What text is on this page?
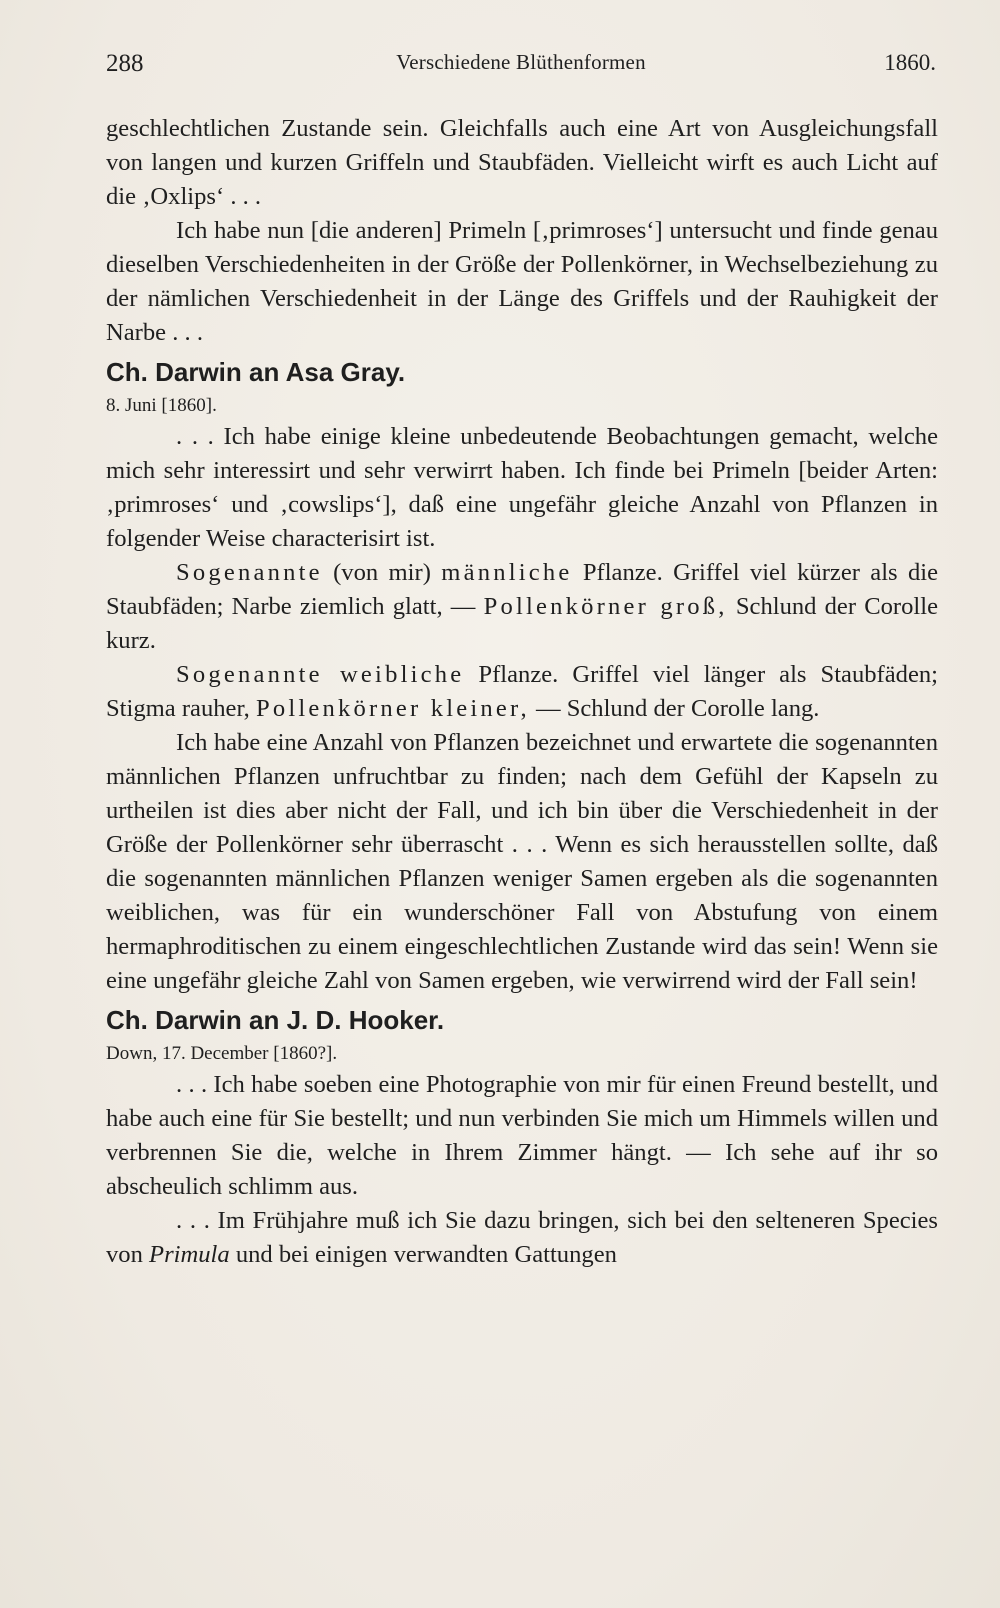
288	Verschiedene Blüthenformen	1860.

geschlechtlichen Zustande sein. Gleichfalls auch eine Art von Ausgleichungsfall von langen und kurzen Griffeln und Staubfäden. Vielleicht wirft es auch Licht auf die ‚Oxlips‘ . . .

Ich habe nun [die anderen] Primeln [‚primroses‘] untersucht und finde genau dieselben Verschiedenheiten in der Größe der Pollenkörner, in Wechselbeziehung zu der nämlichen Verschiedenheit in der Länge des Griffels und der Rauhigkeit der Narbe . . .

Ch. Darwin an Asa Gray.

8. Juni [1860].

. . . Ich habe einige kleine unbedeutende Beobachtungen gemacht, welche mich sehr interessirt und sehr verwirrt haben. Ich finde bei Primeln [beider Arten: ‚primroses‘ und ‚cowslips‘], daß eine ungefähr gleiche Anzahl von Pflanzen in folgender Weise characterisirt ist.

Sogenannte (von mir) männliche Pflanze. Griffel viel kürzer als die Staubfäden; Narbe ziemlich glatt, — Pollenkörner groß, Schlund der Corolle kurz.

Sogenannte weibliche Pflanze. Griffel viel länger als Staubfäden; Stigma rauher, Pollenkörner kleiner, — Schlund der Corolle lang.

Ich habe eine Anzahl von Pflanzen bezeichnet und erwartete die sogenannten männlichen Pflanzen unfruchtbar zu finden; nach dem Gefühl der Kapseln zu urtheilen ist dies aber nicht der Fall, und ich bin über die Verschiedenheit in der Größe der Pollenkörner sehr überrascht . . . Wenn es sich herausstellen sollte, daß die sogenannten männlichen Pflanzen weniger Samen ergeben als die sogenannten weiblichen, was für ein wunderschöner Fall von Abstufung von einem hermaphroditischen zu einem eingeschlechtlichen Zustande wird das sein! Wenn sie eine ungefähr gleiche Zahl von Samen ergeben, wie verwirrend wird der Fall sein!

Ch. Darwin an J. D. Hooker.

Down, 17. December [1860?].

. . . Ich habe soeben eine Photographie von mir für einen Freund bestellt, und habe auch eine für Sie bestellt; und nun verbinden Sie mich um Himmels willen und verbrennen Sie die, welche in Ihrem Zimmer hängt. — Ich sehe auf ihr so abscheulich schlimm aus.

. . . Im Frühjahre muß ich Sie dazu bringen, sich bei den selteneren Species von Primula und bei einigen verwandten Gattungen
